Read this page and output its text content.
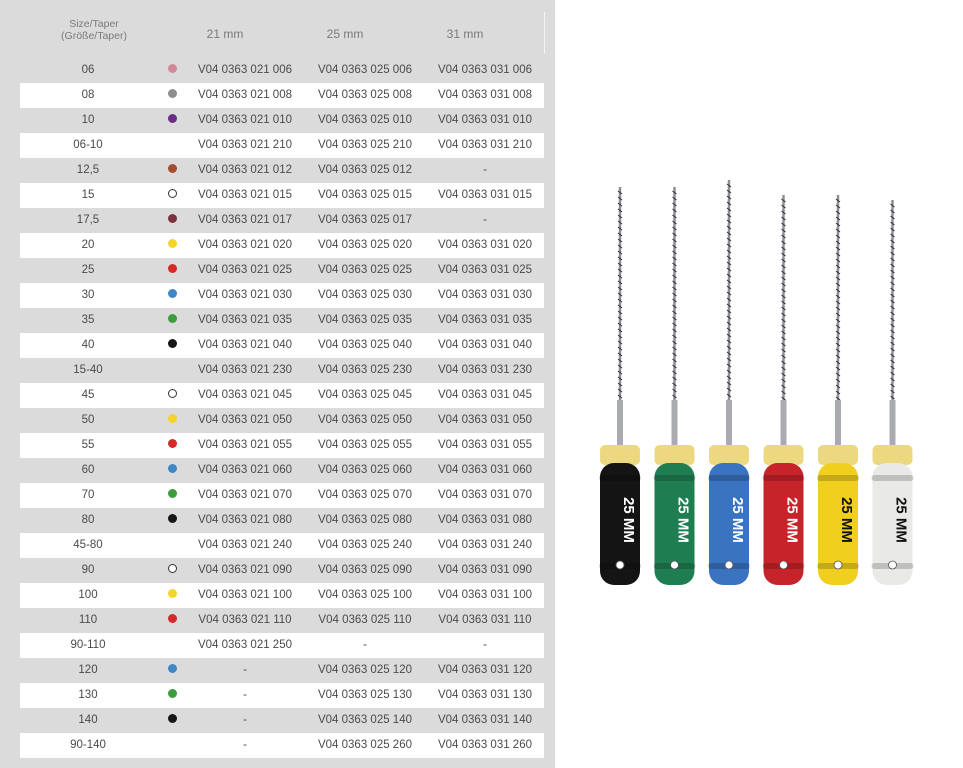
Size/Taper
(Größe/Taper)	21 mm	25 mm	31 mm
06	V04 0363 021 006	V04 0363 025 006	V04 0363 031 006
08	V04 0363 021 008	V04 0363 025 008	V04 0363 031 008
10	V04 0363 021 010	V04 0363 025 010	V04 0363 031 010
06-10	V04 0363 021 210	V04 0363 025 210	V04 0363 031 210
12,5	V04 0363 021 012	V04 0363 025 012	-
15	V04 0363 021 015	V04 0363 025 015	V04 0363 031 015
17,5	V04 0363 021 017	V04 0363 025 017	-
20	V04 0363 021 020	V04 0363 025 020	V04 0363 031 020
25	V04 0363 021 025	V04 0363 025 025	V04 0363 031 025
30	V04 0363 021 030	V04 0363 025 030	V04 0363 031 030
35	V04 0363 021 035	V04 0363 025 035	V04 0363 031 035
40	V04 0363 021 040	V04 0363 025 040	V04 0363 031 040
15-40	V04 0363 021 230	V04 0363 025 230	V04 0363 031 230
45	V04 0363 021 045	V04 0363 025 045	V04 0363 031 045
50	V04 0363 021 050	V04 0363 025 050	V04 0363 031 050
55	V04 0363 021 055	V04 0363 025 055	V04 0363 031 055
60	V04 0363 021 060	V04 0363 025 060	V04 0363 031 060
70	V04 0363 021 070	V04 0363 025 070	V04 0363 031 070
80	V04 0363 021 080	V04 0363 025 080	V04 0363 031 080
45-80	V04 0363 021 240	V04 0363 025 240	V04 0363 031 240
90	V04 0363 021 090	V04 0363 025 090	V04 0363 031 090
100	V04 0363 021 100	V04 0363 025 100	V04 0363 031 100
110	V04 0363 021 110	V04 0363 025 110	V04 0363 031 110
90-110	V04 0363 021 250	-	-
120	-	V04 0363 025 120	V04 0363 031 120
130	-	V04 0363 025 130	V04 0363 031 130
140	-	V04 0363 025 140	V04 0363 031 140
90-140	-	V04 0363 025 260	V04 0363 031 260
25 MM	25 MM	25 MM	25 MM	25 MM	25 MM
